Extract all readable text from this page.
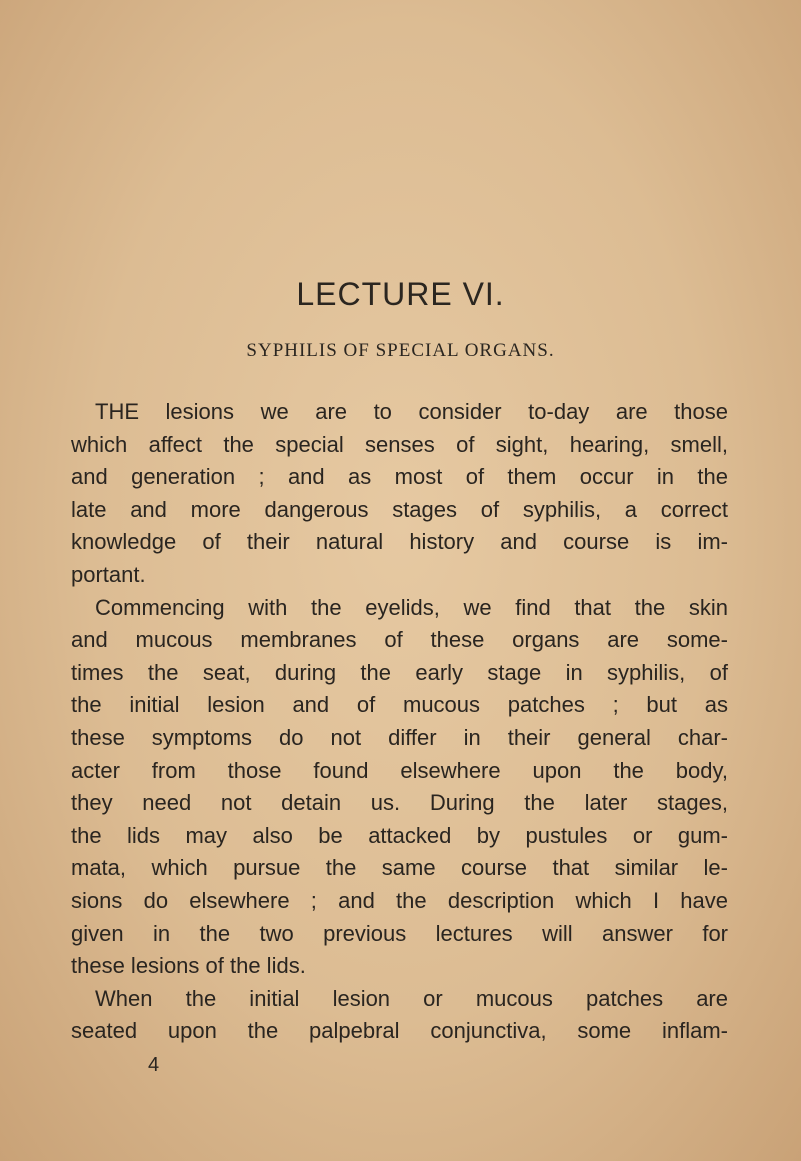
LECTURE VI.
SYPHILIS OF SPECIAL ORGANS.
THE lesions we are to consider to-day are those
which affect the special senses of sight, hearing, smell,
and generation ; and as most of them occur in the
late and more dangerous stages of syphilis, a correct
knowledge of their natural history and course is im-
portant.
Commencing with the eyelids, we find that the skin
and mucous membranes of these organs are some-
times the seat, during the early stage in syphilis, of
the initial lesion and of mucous patches ; but as
these symptoms do not differ in their general char-
acter from those found elsewhere upon the body,
they need not detain us. During the later stages,
the lids may also be attacked by pustules or gum-
mata, which pursue the same course that similar le-
sions do elsewhere ; and the description which I have
given in the two previous lectures will answer for
these lesions of the lids.
When the initial lesion or mucous patches are
seated upon the palpebral conjunctiva, some inflam-
4
